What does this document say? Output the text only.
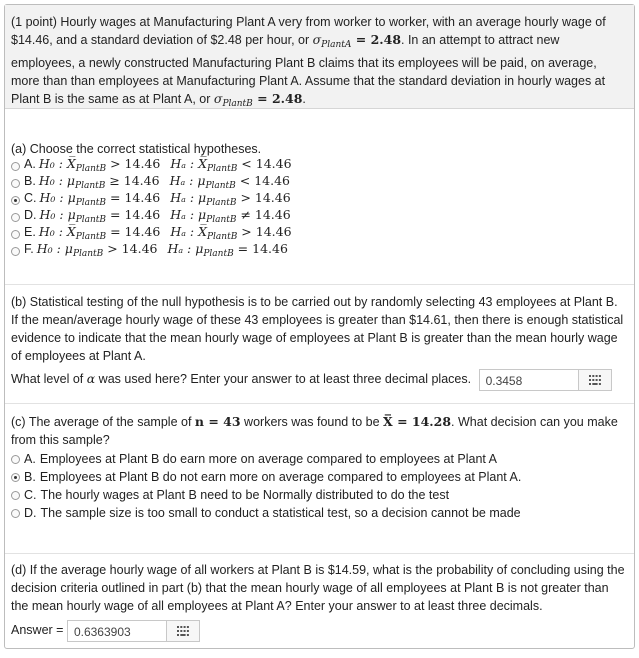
(1 point) Hourly wages at Manufacturing Plant A very from worker to worker, with an average hourly wage of
$14.46, and a standard deviation of $2.48 per hour, or $\sigma_{PlantA} = 2.48$. In an attempt to attract new
employees, a newly constructed Manufacturing Plant B claims that its employees will be paid, on average,
more than than employees at Manufacturing Plant A. Assume that the standard deviation in hourly wages at
Plant B is the same as at Plant A, or $\sigma_{PlantB} = 2.48$.
(a) Choose the correct statistical hypotheses.
A. H₀ : $X̅_{PlantB} > 14.46$ Hₐ : $X̅_{PlantB} < 14.46$
B. H₀ : $\mu_{PlantB} \ge 14.46$ Hₐ : $\mu_{PlantB} < 14.46$
C. H₀ : $\mu_{PlantB} = 14.46$ Hₐ : $\mu_{PlantB} > 14.46$
D. H₀ : $\mu_{PlantB} = 14.46$ Hₐ : $\mu_{PlantB} \ne 14.46$
E. H₀ : $X̅_{PlantB} = 14.46$ Hₐ : $X̅_{PlantB} > 14.46$
F. H₀ : $\mu_{PlantB} > 14.46$ Hₐ : $\mu_{PlantB} = 14.46$
(b) Statistical testing of the null hypothesis is to be carried out by randomly selecting 43 employees at Plant B.
If the mean/average hourly wage of these 43 employees is greater than $14.61, then there is enough statistical
evidence to indicate that the mean hourly wage of employees at Plant B is greater than the mean hourly wage
of employees at Plant A.
What level of α was used here? Enter your answer to at least three decimal places. 0.3458
(c) The average of the sample of n = 43 workers was found to be X̅ = 14.28. What decision can you make
from this sample?
A. Employees at Plant B do earn more on average compared to employees at Plant A
B. Employees at Plant B do not earn more on average compared to employees at Plant A.
C. The hourly wages at Plant B need to be Normally distributed to do the test
D. The sample size is too small to conduct a statistical test, so a decision cannot be made
(d) If the average hourly wage of all workers at Plant B is $14.59, what is the probability of concluding using the
decision criteria outlined in part (b) that the mean hourly wage of all employees at Plant B is not greater than
the mean hourly wage of all employees at Plant A? Enter your answer to at least three decimals.
Answer = 0.6363903
